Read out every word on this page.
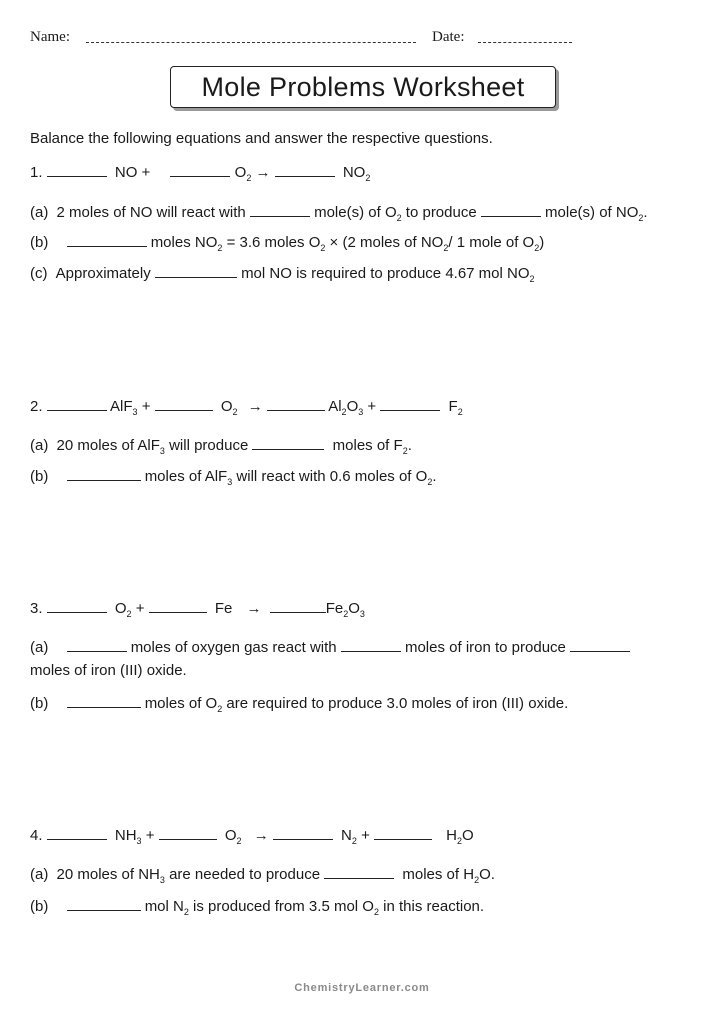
Name:	Date:
Mole Problems Worksheet
Balance the following equations and answer the respective questions.
1.	NO +	$O_2$ →	$NO_2$
(a) 2 moles of NO will react with	mole(s) of $O_2$ to produce	mole(s) of $NO_2$.
(b)	moles $NO_2 = 3.6$ moles $O_2 \times (2$ moles of $NO_2/$ 1 mole of $O_2$)
(c) Approximately	mol NO is required to produce 4.67 mol $NO_2$
2.	AlF$_3$ +	$O_2$ →	$Al_2O_3$ +	$F_2$
(a) 20 moles of AlF$_3$ will produce	moles of $F_2$.
(b)	moles of AlF$_3$ will react with 0.6 moles of $O_2$.
3.	$O_2$ +	Fe →	$Fe_2O_3$
(a)	moles of oxygen gas react with	moles of iron to produce
moles of iron (III) oxide.
(b)	moles of $O_2$ are required to produce 3.0 moles of iron (III) oxide.
4.	$NH_3$ +	$O_2$ →	$N_2$ +	$H_2O$
(a) 20 moles of $NH_3$ are needed to produce	moles of $H_2O$.
(b)	mol $N_2$ is produced from 3.5 mol $O_2$ in this reaction.
ChemistryLearner.com
